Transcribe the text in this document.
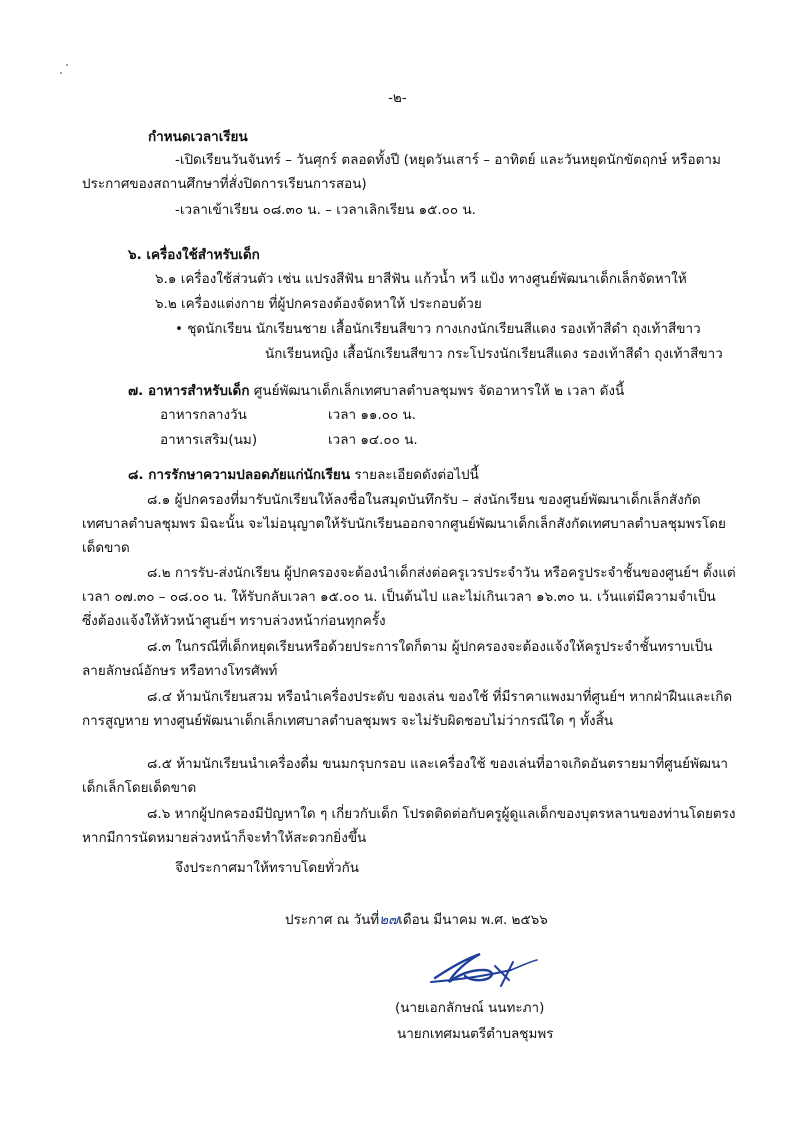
-๒-
กำหนดเวลาเรียน
-เปิดเรียนวันจันทร์ – วันศุกร์ ตลอดทั้งปี (หยุดวันเสาร์ – อาทิตย์ และวันหยุดนักขัตฤกษ์ หรือตาม
ประกาศของสถานศึกษาที่สั่งปิดการเรียนการสอน)
-เวลาเข้าเรียน ๐๘.๓๐ น. – เวลาเลิกเรียน ๑๕.๐๐ น.
๖. เครื่องใช้สำหรับเด็ก
๖.๑ เครื่องใช้ส่วนตัว เช่น แปรงสีฟัน ยาสีฟัน แก้วน้ำ หวี แป้ง ทางศูนย์พัฒนาเด็กเล็กจัดหาให้
๖.๒ เครื่องแต่งกาย ที่ผู้ปกครองต้องจัดหาให้ ประกอบด้วย
• ชุดนักเรียน นักเรียนชาย เสื้อนักเรียนสีขาว กางเกงนักเรียนสีแดง รองเท้าสีดำ ถุงเท้าสีขาว
นักเรียนหญิง เสื้อนักเรียนสีขาว กระโปรงนักเรียนสีแดง รองเท้าสีดำ ถุงเท้าสีขาว
๗. อาหารสำหรับเด็ก ศูนย์พัฒนาเด็กเล็กเทศบาลตำบลชุมพร จัดอาหารให้ ๒ เวลา ดังนี้
อาหารกลางวัน	เวลา ๑๑.๐๐ น.
อาหารเสริม(นม)	เวลา ๑๔.๐๐ น.
๘. การรักษาความปลอดภัยแก่นักเรียน รายละเอียดดังต่อไปนี้
๘.๑ ผู้ปกครองที่มารับนักเรียนให้ลงชื่อในสมุดบันทึกรับ – ส่งนักเรียน ของศูนย์พัฒนาเด็กเล็กสังกัด
เทศบาลตำบลชุมพร มิฉะนั้น จะไม่อนุญาตให้รับนักเรียนออกจากศูนย์พัฒนาเด็กเล็กสังกัดเทศบาลตำบลชุมพรโดย
เด็ดขาด
๘.๒ การรับ-ส่งนักเรียน ผู้ปกครองจะต้องนำเด็กส่งต่อครูเวรประจำวัน หรือครูประจำชั้นของศูนย์ฯ ตั้งแต่
เวลา ๐๗.๓๐ – ๐๘.๐๐ น. ให้รับกลับเวลา ๑๕.๐๐ น. เป็นต้นไป และไม่เกินเวลา ๑๖.๓๐ น. เว้นแต่มีความจำเป็น
ซึ่งต้องแจ้งให้หัวหน้าศูนย์ฯ ทราบล่วงหน้าก่อนทุกครั้ง
๘.๓ ในกรณีที่เด็กหยุดเรียนหรือด้วยประการใดก็ตาม ผู้ปกครองจะต้องแจ้งให้ครูประจำชั้นทราบเป็น
ลายลักษณ์อักษร หรือทางโทรศัพท์
๘.๔ ห้ามนักเรียนสวม หรือนำเครื่องประดับ ของเล่น ของใช้ ที่มีราคาแพงมาที่ศูนย์ฯ หากฝ่าฝืนและเกิด
การสูญหาย ทางศูนย์พัฒนาเด็กเล็กเทศบาลตำบลชุมพร จะไม่รับผิดชอบไม่ว่ากรณีใด ๆ ทั้งสิ้น
๘.๕ ห้ามนักเรียนนำเครื่องดื่ม ขนมกรุบกรอบ และเครื่องใช้ ของเล่นที่อาจเกิดอันตรายมาที่ศูนย์พัฒนา
เด็กเล็กโดยเด็ดขาด
๘.๖ หากผู้ปกครองมีปัญหาใด ๆ เกี่ยวกับเด็ก โปรดติดต่อกับครูผู้ดูแลเด็กของบุตรหลานของท่านโดยตรง
หากมีการนัดหมายล่วงหน้าก็จะทำให้สะดวกยิ่งขึ้น
จึงประกาศมาให้ทราบโดยทั่วกัน
ประกาศ ณ วันที่๒๗เดือน มีนาคม พ.ศ. ๒๕๖๖
(นายเอกลักษณ์ นนทะภา)
นายกเทศมนตรีตำบลชุมพร
